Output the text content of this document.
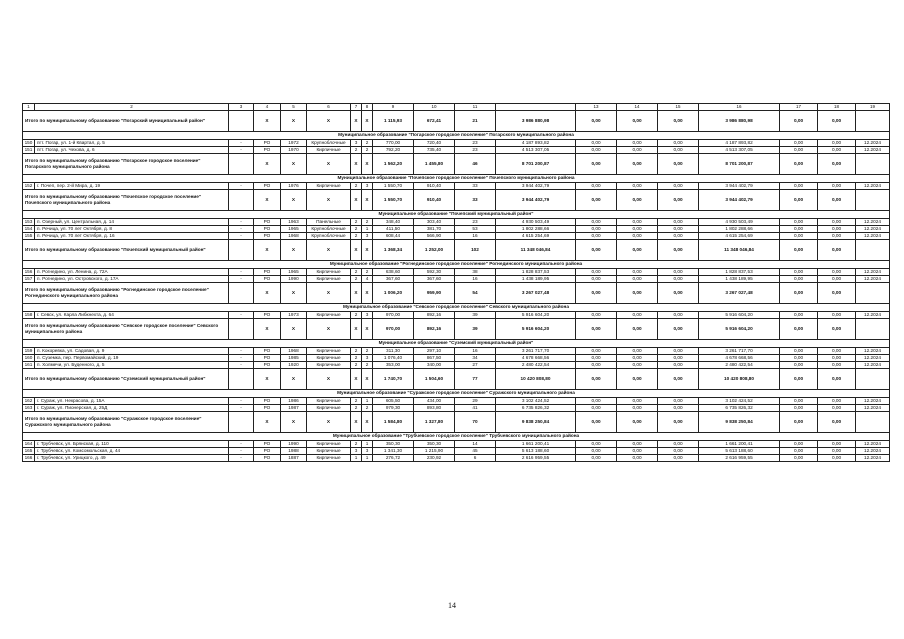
1	2	3	4	5	6	7	8	9	10	11		13	14	15	16	17	18	19
Итого по муниципальному образованию "Погарский муниципальный район"			Х	Х	Х	Х	Х	1 115,93	672,41	21	3 986 880,98	0,00	0,00	0,00	3 986 880,98	0,00	0,00	
Муниципальное образование "Погарское городское поселение" Погарского муниципального района																		
150	пгт. Погар, ул. 1-й Квартал, д. 5	-	РО	1972	Крупноблочные	3	2	770,00	720,40	23	4 187 893,82	0,00	0,00	0,00	4 187 893,82	0,00	0,00	12.2024
151	пгт. Погар, ул. Чехова, д. 6	-	РО	1970	Кирпичные	2	2	792,20	735,40	23	4 513 307,05	0,00	0,00	0,00	4 513 307,05	0,00	0,00	12.2024
Итого по муниципальному образованию "Погарское городское поселение" Погарского муниципального района			Х	Х	Х	Х	Х	1 562,20	1 455,80	46	8 701 200,87	0,00	0,00	0,00	8 701 200,87	0,00	0,00	
Муниципальное образование "Почепское городское поселение" Почепского муниципального района																		
152	г. Почеп, пер. 2-й Мира, д. 19	-	РО	1976	Кирпичные	2	3	1 550,70	910,40	33	3 944 402,79	0,00	0,00	0,00	3 944 402,79	0,00	0,00	12.2024
Итого по муниципальному образованию "Почепское городское поселение" Почепского муниципального района			Х	Х	Х	Х	Х	1 550,70	910,40	33	3 944 402,79	0,00	0,00	0,00	3 944 402,79	0,00	0,00	
Муниципальное образование "Почепский муниципальный район"																		
153	п. Озерный, ул. Центральная, д. 14	-	РО	1963	Панельные	2	2	348,40	303,40	23	4 930 503,49	0,00	0,00	0,00	4 930 503,49	0,00	0,00	12.2024
154	п. Речица, ул. 70 лет Октября, д. 8	-	РО	1965	Крупноблочные	2	1	411,50	381,70	53	1 802 288,66	0,00	0,00	0,00	1 802 288,66	0,00	0,00	12.2024
155	п. Речица, ул. 70 лет Октября, д. 16	-	РО	1968	Крупноблочные	2	3	608,44	566,90	16	4 615 254,69	0,00	0,00	0,00	4 615 254,69	0,00	0,00	12.2024
Итого по муниципальному образованию "Почепский муниципальный район"			Х	Х	Х	Х	Х	1 368,34	1 252,00	102	11 348 046,84	0,00	0,00	0,00	11 348 046,84	0,00	0,00	
Муниципальное образование "Рогнединское городское поселение" Рогнединского муниципального района																		
156	п. Рогнедино, ул. Ленина, д. 72А	-	РО	1965	Кирпичные	2	2	638,60	592,30	38	1 828 837,53	0,00	0,00	0,00	1 828 837,53	0,00	0,00	12.2024
157	п. Рогнедино, ул. Островского, д. 17А	-	РО	1990	Кирпичные	2	4	367,60	367,60	16	1 438 189,95	0,00	0,00	0,00	1 438 189,95	0,00	0,00	12.2024
Итого по муниципальному образованию "Рогнединское городское поселение" Рогнединского муниципального района			Х	Х	Х	Х	Х	1 006,20	959,90	54	3 267 027,48	0,00	0,00	0,00	3 267 027,48	0,00	0,00	
Муниципальное образование "Севское городское поселение" Севского муниципального района																		
158	г. Севск, ул. Карла Либкнехта, д. 64	-	РО	1973	Кирпичные	2	3	970,00	892,16	39	5 916 604,20	0,00	0,00	0,00	5 916 604,20	0,00	0,00	12.2024
Итого по муниципальному образованию "Севское городское поселение" Севского муниципального района			Х	Х	Х	Х	Х	970,00	892,16	39	5 916 604,20	0,00	0,00	0,00	5 916 604,20	0,00	0,00	
Муниципальное образование "Суземский муниципальный район"																		
159	п. Кокоревка, ул. Садовая, д. 9	-	РО	1968	Кирпичные	2	2	311,30	297,10	16	3 261 717,70	0,00	0,00	0,00	3 261 717,70	0,00	0,00	12.2024
160	п. Суземка, пер. Первомайский, д. 19	-	РО	1985	Кирпичные	2	3	1 076,40	867,50	34	4 678 668,56	0,00	0,00	0,00	4 678 668,56	0,00	0,00	12.2024
161	п. Холмечи, ул. Буденного, д. 5	-	РО	1920	Кирпичные	2	2	353,00	340,00	27	2 480 422,54	0,00	0,00	0,00	2 480 422,54	0,00	0,00	12.2024
Итого по муниципальному образованию "Суземский муниципальный район"			Х	Х	Х	Х	Х	1 740,70	1 504,60	77	10 420 808,80	0,00	0,00	0,00	10 420 808,80	0,00	0,00	
Муниципальное образование "Суражское городское поселение" Суражского муниципального района																		
162	г. Сураж, ул. Некрасова, д. 15А	-	РО	1986	Кирпичные	2	1	605,50	434,00	29	3 102 424,52	0,00	0,00	0,00	3 102 424,52	0,00	0,00	12.2024
163	г. Сураж, ул. Пионерская, д. 25Д	-	РО	1987	Кирпичные	2	2	979,30	893,80	41	6 735 826,32	0,00	0,00	0,00	6 735 826,32	0,00	0,00	12.2024
Итого по муниципальному образованию "Суражское городское поселение" Суражского муниципального района			Х	Х	Х	Х	Х	1 584,80	1 327,80	70	9 838 250,84	0,00	0,00	0,00	9 838 250,84	0,00	0,00	
Муниципальное образование "Трубчевское городское поселение" Трубчевского муниципального района																		
164	г. Трубчевск, ул. Брянская, д. 110	-	РО	1990	Кирпичные	2	1	350,30	350,30	14	1 661 200,41	0,00	0,00	0,00	1 661 200,41	0,00	0,00	12.2024
165	г. Трубчевск, ул. Комсомольская, д. 44	-	РО	1988	Кирпичные	3	3	1 341,30	1 215,90	45	5 613 188,60	0,00	0,00	0,00	5 613 188,60	0,00	0,00	12.2024
166	г. Трубчевск, ул. Урицкого, д. 49	-	РО	1887	Кирпичные	1	1	276,72	230,92	6	2 616 959,55	0,00	0,00	0,00	2 616 959,55	0,00	0,00	12.2024
14
